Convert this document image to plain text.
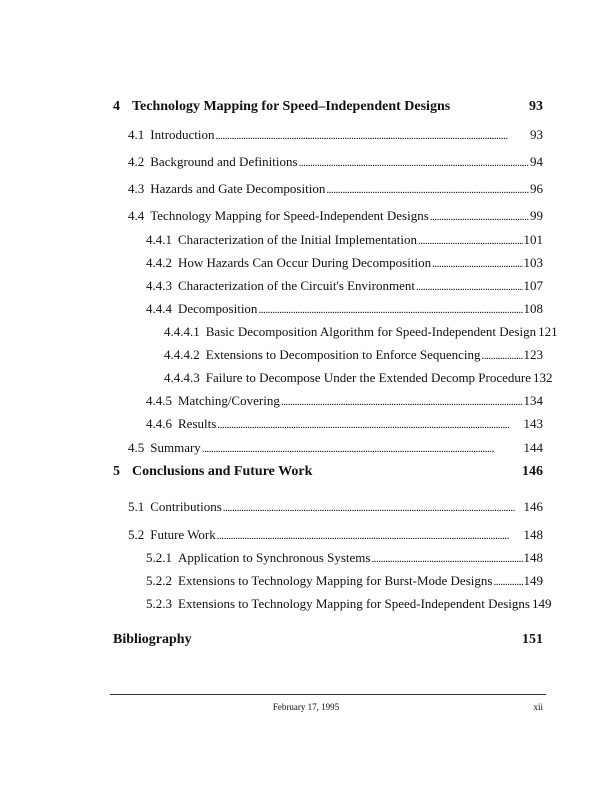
4 Technology Mapping for Speed–Independent Designs	93
4.1 Introduction . . .	93
4.2 Background and Definitions . . .	94
4.3 Hazards and Gate Decomposition . . .	96
4.4 Technology Mapping for Speed-Independent Designs . . .	99
4.4.1 Characterization of the Initial Implementation . . .	101
4.4.2 How Hazards Can Occur During Decomposition . . .	103
4.4.3 Characterization of the Circuit's Environment . . .	107
4.4.4 Decomposition . . .	108
4.4.4.1 Basic Decomposition Algorithm for Speed-Independent Design 121
4.4.4.2 Extensions to Decomposition to Enforce Sequencing . . .	123
4.4.4.3 Failure to Decompose Under the Extended Decomp Procedure 132
4.4.5 Matching/Covering . . .	134
4.4.6 Results . . .	143
4.5 Summary . . .	144
5 Conclusions and Future Work	146
5.1 Contributions . . .	146
5.2 Future Work . . .	148
5.2.1 Application to Synchronous Systems . . .	148
5.2.2 Extensions to Technology Mapping for Burst-Mode Designs . . . 149
5.2.3 Extensions to Technology Mapping for Speed-Independent Designs 149
Bibliography	151
February 17, 1995	xii
